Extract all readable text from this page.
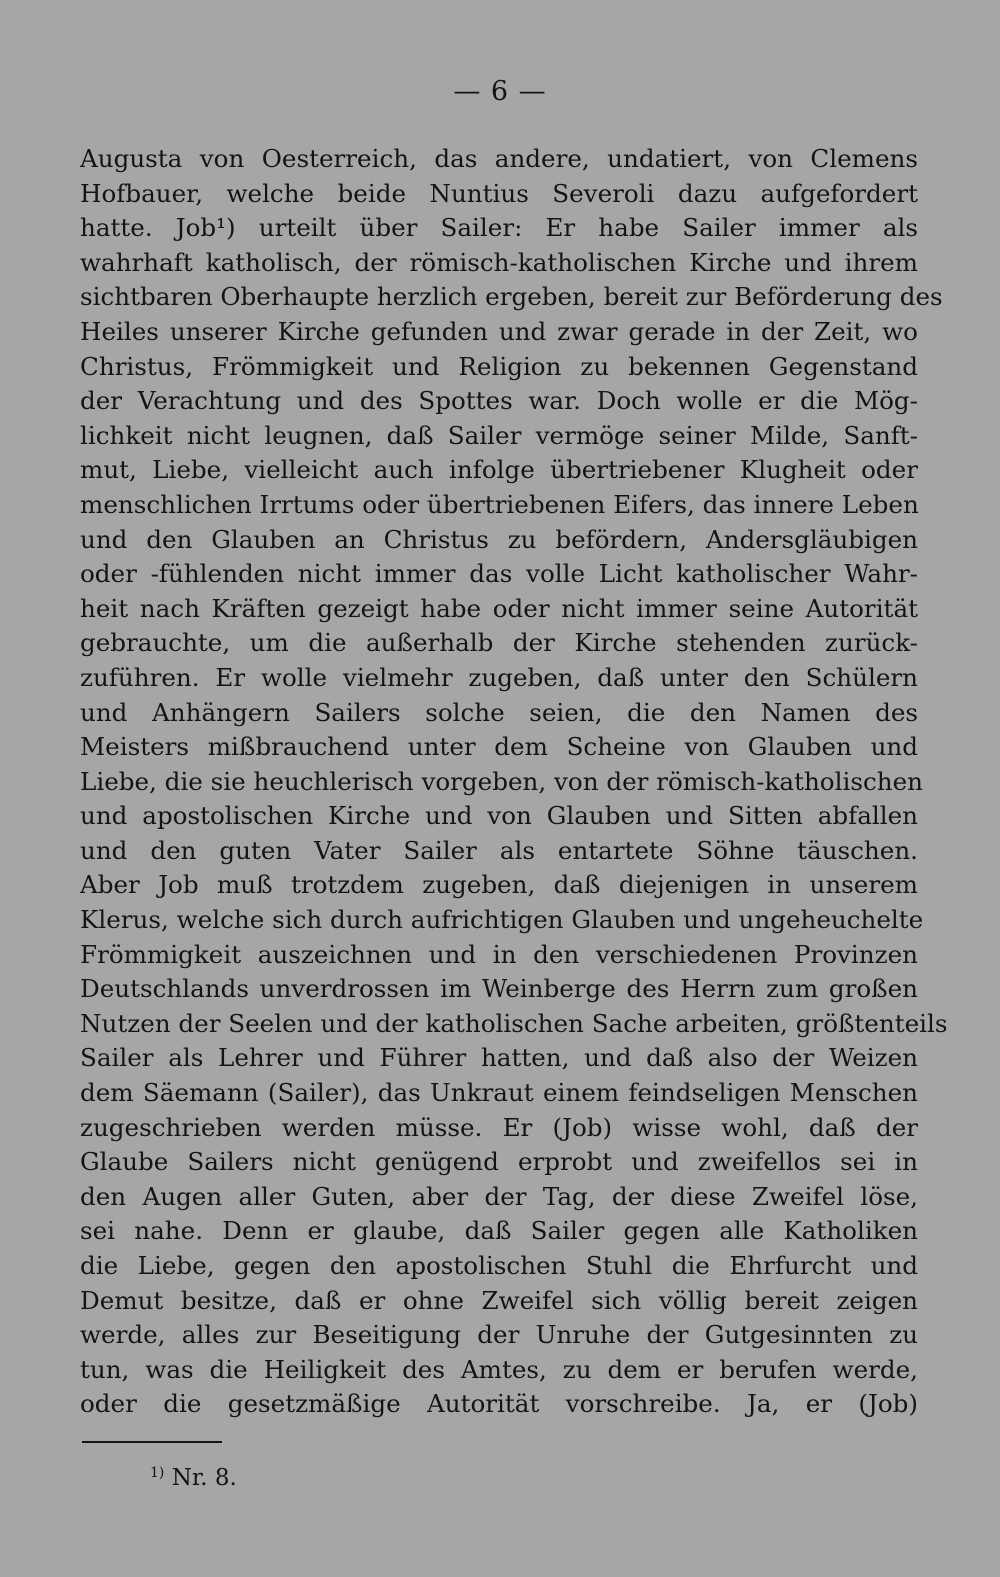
— 6 —
Augusta von Oesterreich, das andere, undatiert, von Clemens
Hofbauer, welche beide Nuntius Severoli dazu aufgefordert
hatte. Job¹) urteilt über Sailer: Er habe Sailer immer als
wahrhaft katholisch, der römisch-katholischen Kirche und ihrem
sichtbaren Oberhaupte herzlich ergeben, bereit zur Beförderung des
Heiles unserer Kirche gefunden und zwar gerade in der Zeit, wo
Christus, Frömmigkeit und Religion zu bekennen Gegenstand
der Verachtung und des Spottes war. Doch wolle er die Mög-
lichkeit nicht leugnen, daß Sailer vermöge seiner Milde, Sanft-
mut, Liebe, vielleicht auch infolge übertriebener Klugheit oder
menschlichen Irrtums oder übertriebenen Eifers, das innere Leben
und den Glauben an Christus zu befördern, Andersgläubigen
oder -fühlenden nicht immer das volle Licht katholischer Wahr-
heit nach Kräften gezeigt habe oder nicht immer seine Autorität
gebrauchte, um die außerhalb der Kirche stehenden zurück-
zuführen. Er wolle vielmehr zugeben, daß unter den Schülern
und Anhängern Sailers solche seien, die den Namen des
Meisters mißbrauchend unter dem Scheine von Glauben und
Liebe, die sie heuchlerisch vorgeben, von der römisch-katholischen
und apostolischen Kirche und von Glauben und Sitten abfallen
und den guten Vater Sailer als entartete Söhne täuschen.
Aber Job muß trotzdem zugeben, daß diejenigen in unserem
Klerus, welche sich durch aufrichtigen Glauben und ungeheuchelte
Frömmigkeit auszeichnen und in den verschiedenen Provinzen
Deutschlands unverdrossen im Weinberge des Herrn zum großen
Nutzen der Seelen und der katholischen Sache arbeiten, größtenteils
Sailer als Lehrer und Führer hatten, und daß also der Weizen
dem Säemann (Sailer), das Unkraut einem feindseligen Menschen
zugeschrieben werden müsse. Er (Job) wisse wohl, daß der
Glaube Sailers nicht genügend erprobt und zweifellos sei in
den Augen aller Guten, aber der Tag, der diese Zweifel löse,
sei nahe. Denn er glaube, daß Sailer gegen alle Katholiken
die Liebe, gegen den apostolischen Stuhl die Ehrfurcht und
Demut besitze, daß er ohne Zweifel sich völlig bereit zeigen
werde, alles zur Beseitigung der Unruhe der Gutgesinnten zu
tun, was die Heiligkeit des Amtes, zu dem er berufen werde,
oder die gesetzmäßige Autorität vorschreibe. Ja, er (Job)
$^{1)}$ Nr. 8.
